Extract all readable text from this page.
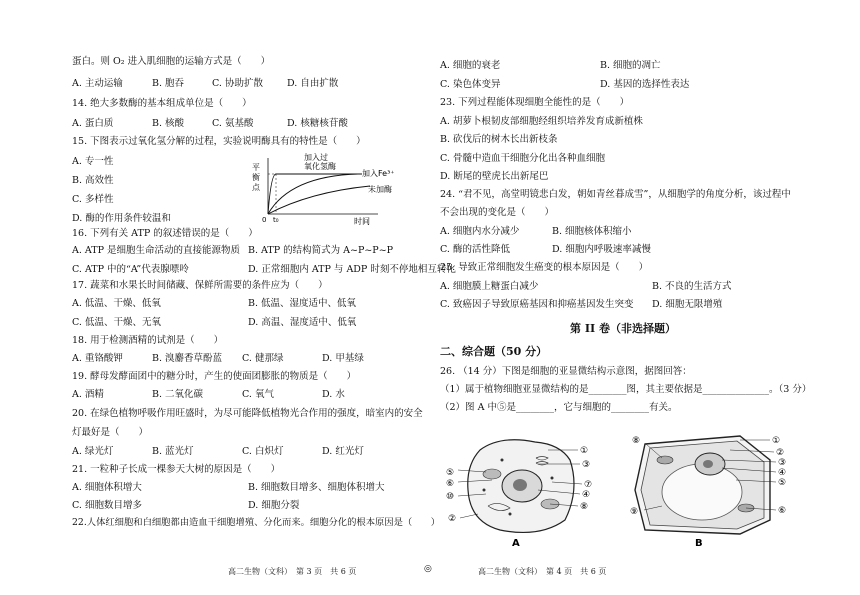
蛋白。则 O₂ 进入肌细胞的运输方式是（　　）
A. 主动运输	B. 胞吞	C. 协助扩散	D. 自由扩散
14. 绝大多数酶的基本组成单位是（　　）
A. 蛋白质	B. 核酸	C. 氨基酸	D. 核糖核苷酸
15. 下图表示过氧化氢分解的过程，实验说明酶具有的特性是（　　）
A. 专一性
B. 高效性
C. 多样性
D. 酶的作用条件较温和
平
衡
点
加入过
氧化氢酶
加入Fe³⁺
未加酶
0 t₀	时间
16. 下列有关 ATP 的叙述错误的是（　　）
A. ATP 是细胞生命活动的直接能源物质 B. ATP 的结构简式为 A~P~P~P
C. ATP 中的“A”代表腺嘌呤	D. 正常细胞内 ATP 与 ADP 时刻不停地相互转化
17. 蔬菜和水果长时间储藏、保鲜所需要的条件应为（　　）
A. 低温、干燥、低氧	B. 低温、湿度适中、低氧
C. 低温、干燥、无氧	D. 高温、湿度适中、低氧
18. 用于检测酒精的试剂是（　　）
A. 重铬酸钾	B. 溴麝香草酚蓝 C. 健那绿	D. 甲基绿
19. 酵母发酵面团中的糖分时，产生的使面团膨胀的物质是（　　）
A. 酒精	B. 二氧化碳	C. 氧气	D. 水
20. 在绿色植物呼吸作用旺盛时，为尽可能降低植物光合作用的强度，暗室内的安全
灯最好是（　　）
A. 绿光灯	B. 蓝光灯	C. 白炽灯	D. 红光灯
21. 一粒种子长成一棵参天大树的原因是（　　）
A. 细胞体积增大	B. 细胞数目增多、细胞体积增大
C. 细胞数目增多	D. 细胞分裂
22.人体红细胞和白细胞都由造血干细胞增殖、分化而来。细胞分化的根本原因是（　　）
A. 细胞的衰老	B. 细胞的凋亡
C. 染色体变异	D. 基因的选择性表达
23. 下列过程能体现细胞全能性的是（　　）
A. 胡萝卜根韧皮部细胞经组织培养发育成新植株
B. 砍伐后的树木长出新枝条
C. 骨髓中造血干细胞分化出各种血细胞
D. 断尾的壁虎长出新尾巴
24. “君不见，高堂明镜悲白发，朝如青丝暮成雪”，从细胞学的角度分析，该过程中
不会出现的变化是（　　）
A. 细胞内水分减少	B. 细胞核体积缩小
C. 酶的活性降低	D. 细胞内呼吸速率减慢
25. 导致正常细胞发生癌变的根本原因是（　　）
A. 细胞膜上糖蛋白减少	B. 不良的生活方式
C. 致癌因子导致原癌基因和抑癌基因发生突变 D. 细胞无限增殖
第 II 卷（非选择题）
二、综合题（50 分）
26. （14 分）下图是细胞的亚显微结构示意图，据图回答：
（1）属于植物细胞亚显微结构的是________图，其主要依据是______________。（3 分）
（2）图 A 中⑤是________，它与细胞的________有关。
①
③
⑤
⑥	⑦
④
⑩
⑧
②
A
⑧	①
②
③
④
⑤
⑨	⑥
B
高二生物（文科）　第 3 页　共 6 页	◎	高二生物（文科）　第 4 页　共 6 页
